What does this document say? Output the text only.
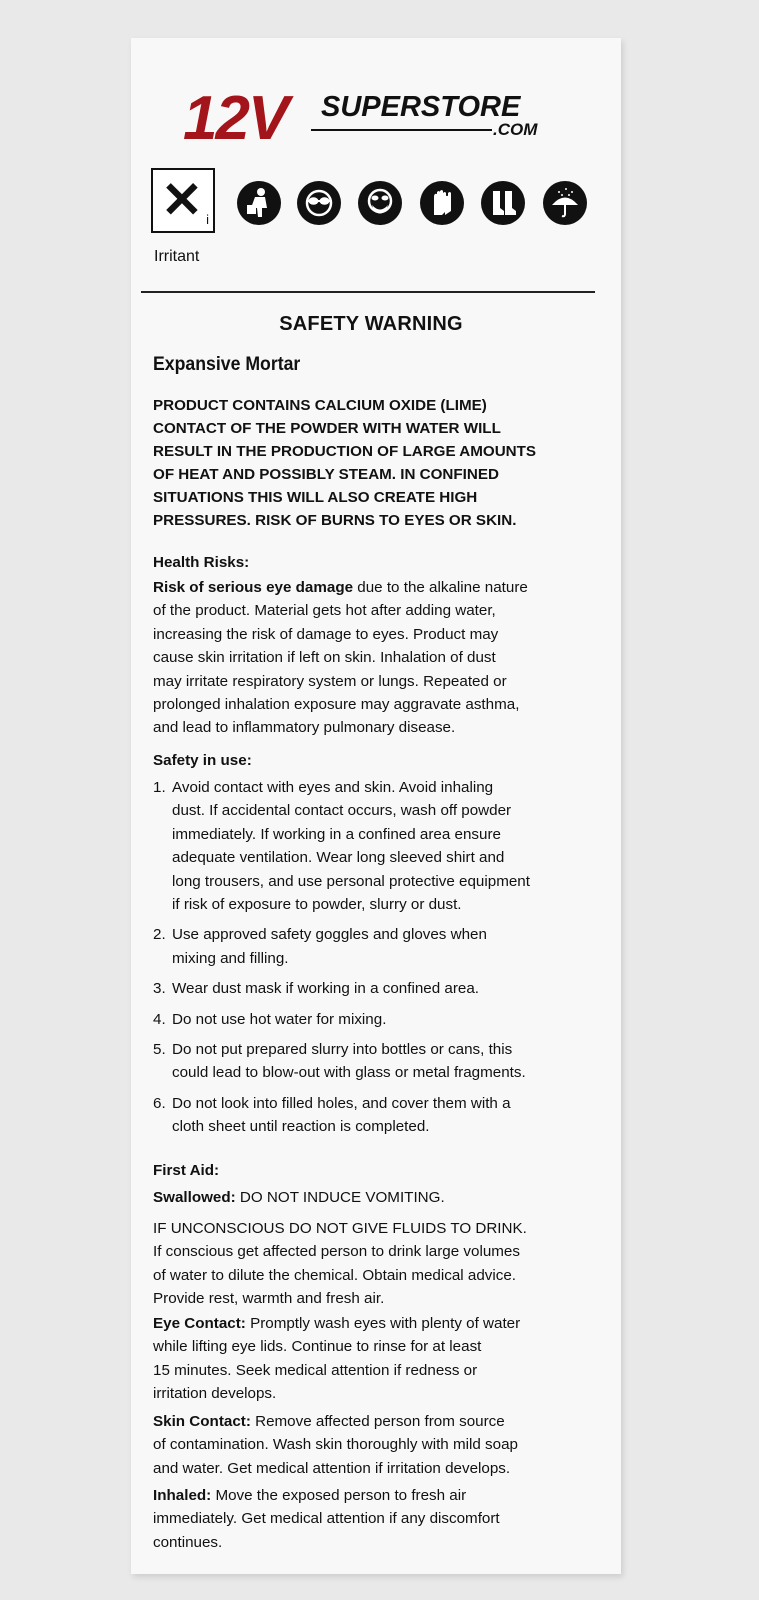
12V SUPERSTORE
.COM
✕ i
Irritant
SAFETY WARNING
Expansive Mortar
PRODUCT CONTAINS CALCIUM OXIDE (LIME)
CONTACT OF THE POWDER WITH WATER WILL
RESULT IN THE PRODUCTION OF LARGE AMOUNTS
OF HEAT AND POSSIBLY STEAM. IN CONFINED
SITUATIONS THIS WILL ALSO CREATE HIGH
PRESSURES. RISK OF BURNS TO EYES OR SKIN.
Health Risks:
Risk of serious eye damage due to the alkaline nature
of the product. Material gets hot after adding water,
increasing the risk of damage to eyes. Product may
cause skin irritation if left on skin. Inhalation of dust
may irritate respiratory system or lungs. Repeated or
prolonged inhalation exposure may aggravate asthma,
and lead to inflammatory pulmonary disease.
Safety in use:
1. Avoid contact with eyes and skin. Avoid inhaling
dust. If accidental contact occurs, wash off powder
immediately. If working in a confined area ensure
adequate ventilation. Wear long sleeved shirt and
long trousers, and use personal protective equipment
if risk of exposure to powder, slurry or dust.
2. Use approved safety goggles and gloves when
mixing and filling.
3. Wear dust mask if working in a confined area.
4. Do not use hot water for mixing.
5. Do not put prepared slurry into bottles or cans, this
could lead to blow-out with glass or metal fragments.
6. Do not look into filled holes, and cover them with a
cloth sheet until reaction is completed.
First Aid:
Swallowed: DO NOT INDUCE VOMITING.
IF UNCONSCIOUS DO NOT GIVE FLUIDS TO DRINK.
If conscious get affected person to drink large volumes
of water to dilute the chemical. Obtain medical advice.
Provide rest, warmth and fresh air.
Eye Contact: Promptly wash eyes with plenty of water
while lifting eye lids. Continue to rinse for at least
15 minutes. Seek medical attention if redness or
irritation develops.
Skin Contact: Remove affected person from source
of contamination. Wash skin thoroughly with mild soap
and water. Get medical attention if irritation develops.
Inhaled: Move the exposed person to fresh air
immediately. Get medical attention if any discomfort
continues.
